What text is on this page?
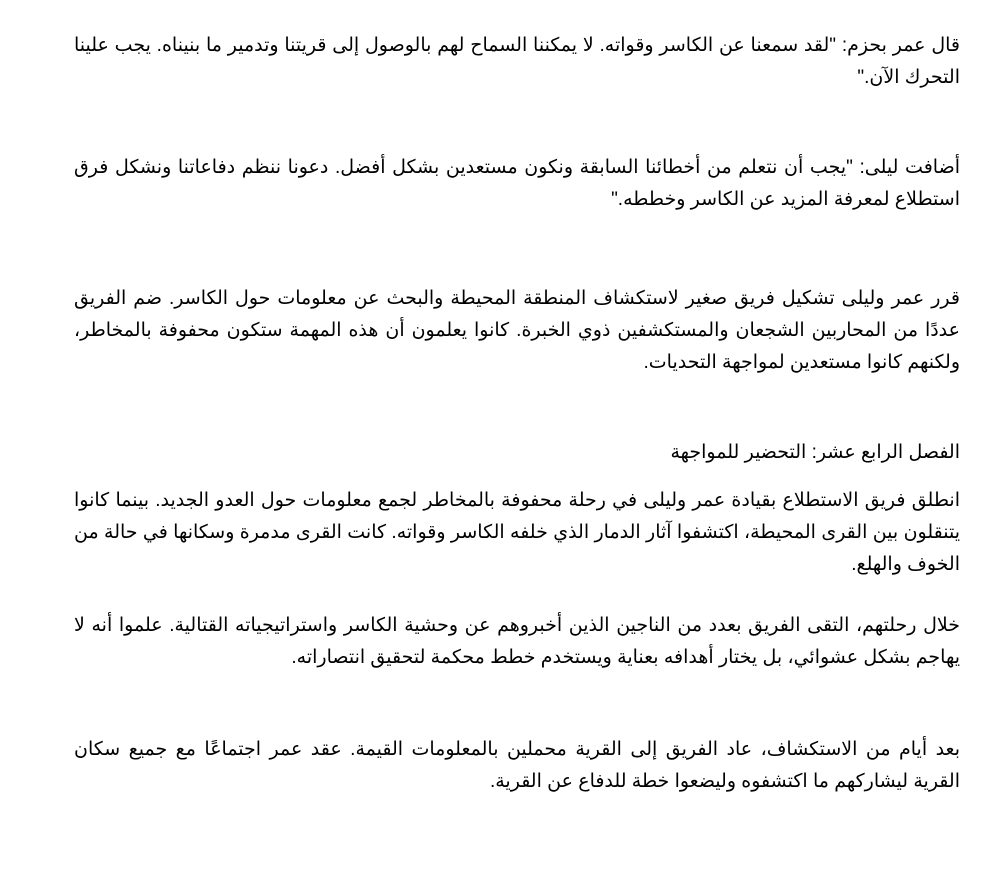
قال عمر بحزم: "لقد سمعنا عن الكاسر وقواته. لا يمكننا السماح لهم بالوصول إلى قريتنا وتدمير ما بنيناه. يجب علينا التحرك الآن."

أضافت ليلى: "يجب أن نتعلم من أخطائنا السابقة ونكون مستعدين بشكل أفضل. دعونا ننظم دفاعاتنا ونشكل فرق استطلاع لمعرفة المزيد عن الكاسر وخططه."

قرر عمر وليلى تشكيل فريق صغير لاستكشاف المنطقة المحيطة والبحث عن معلومات حول الكاسر. ضم الفريق عددًا من المحاربين الشجعان والمستكشفين ذوي الخبرة. كانوا يعلمون أن هذه المهمة ستكون محفوفة بالمخاطر، ولكنهم كانوا مستعدين لمواجهة التحديات.

الفصل الرابع عشر: التحضير للمواجهة

انطلق فريق الاستطلاع بقيادة عمر وليلى في رحلة محفوفة بالمخاطر لجمع معلومات حول العدو الجديد. بينما كانوا يتنقلون بين القرى المحيطة، اكتشفوا آثار الدمار الذي خلفه الكاسر وقواته. كانت القرى مدمرة وسكانها في حالة من الخوف والهلع.

خلال رحلتهم، التقى الفريق بعدد من الناجين الذين أخبروهم عن وحشية الكاسر واستراتيجياته القتالية. علموا أنه لا يهاجم بشكل عشوائي، بل يختار أهدافه بعناية ويستخدم خطط محكمة لتحقيق انتصاراته.

بعد أيام من الاستكشاف، عاد الفريق إلى القرية محملين بالمعلومات القيمة. عقد عمر اجتماعًا مع جميع سكان القرية ليشاركهم ما اكتشفوه وليضعوا خطة للدفاع عن القرية.
